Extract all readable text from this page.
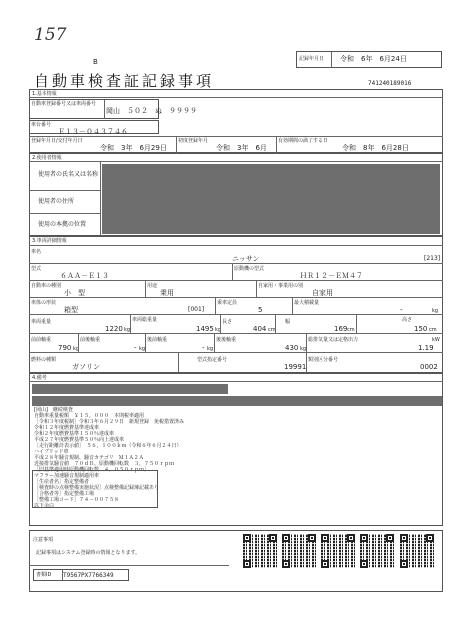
157
記録年月日 令和　6年　6月24日
B
自動車検査証記録事項	741240189016
1.基本情報
自動車登録番号又は車両番号
岡山　５０２　ぬ　９９９９
車台番号
Ｅ１３－０４３７４６
登録年月日/交付年月日
令和　3年　6月29日
初度登録年月
令和　3年　6月
有効期間の満了する日
令和　8年　6月28日
2.使用者情報
使用者の氏名又は名称
使用者の住所
使用の本拠の位置
3.車両詳細情報
車名
ニッサン	[213]
型式
６ＡＡ－Ｅ１３
原動機の型式
ＨＲ１２－ＥＭ４７
自動車の種別
小　型
用途
乗用
自家用・事業用の別
自家用
車体の形状
箱型	[001]
乗車定員
5
最大積載量
-	kg
車両重量
1220 kg
車両総重量
1495 kg
長さ
404 cm
幅
169 cm
高さ
150 cm
前前軸重
790 kg
前後軸重
- kg
後前軸重
- kg
後後軸重
430 kg
総排気量又は定格出力
1.19
kW
燃料の種類
ガソリン
型式指定番号
19991
類別区分番号
0002
4.備考
[岡山]　継続検査
自動車重量税額　￥１５，０００　本則税率適用
［令和３年度税制］令和３年６月２９日　新規登録　免税措置済み
令和１２年度燃費基準達成車
令和２年度燃費基準１５０％達成車
平成２７年度燃費基準５０％向上達成車
［走行距離計表示値］　５６，１００ｋｍ（令和６年６月２４日）
ハイブリッド車
平成２８年騒音規制、騒音カテゴリ　Ｍ１Ａ２Ａ
近接排気騒音値　７０ｄＢ、原動機回転数　３，７５０ｒｐｍ
［旧基準適用時原動機回転数　４，０５０ｒｐｍ］
マフラー加速騒音規制適用車
［生産者名］指定整備者
［検査時の点検整備実施状況］点検整備記録簿記載あり
［合格者等］指定整備工場
［整備工場コード］７４－００７５８
以下余白
注意事項
記録事項はシステム登録時の情報となります。
書類ID T9567PX7766349
